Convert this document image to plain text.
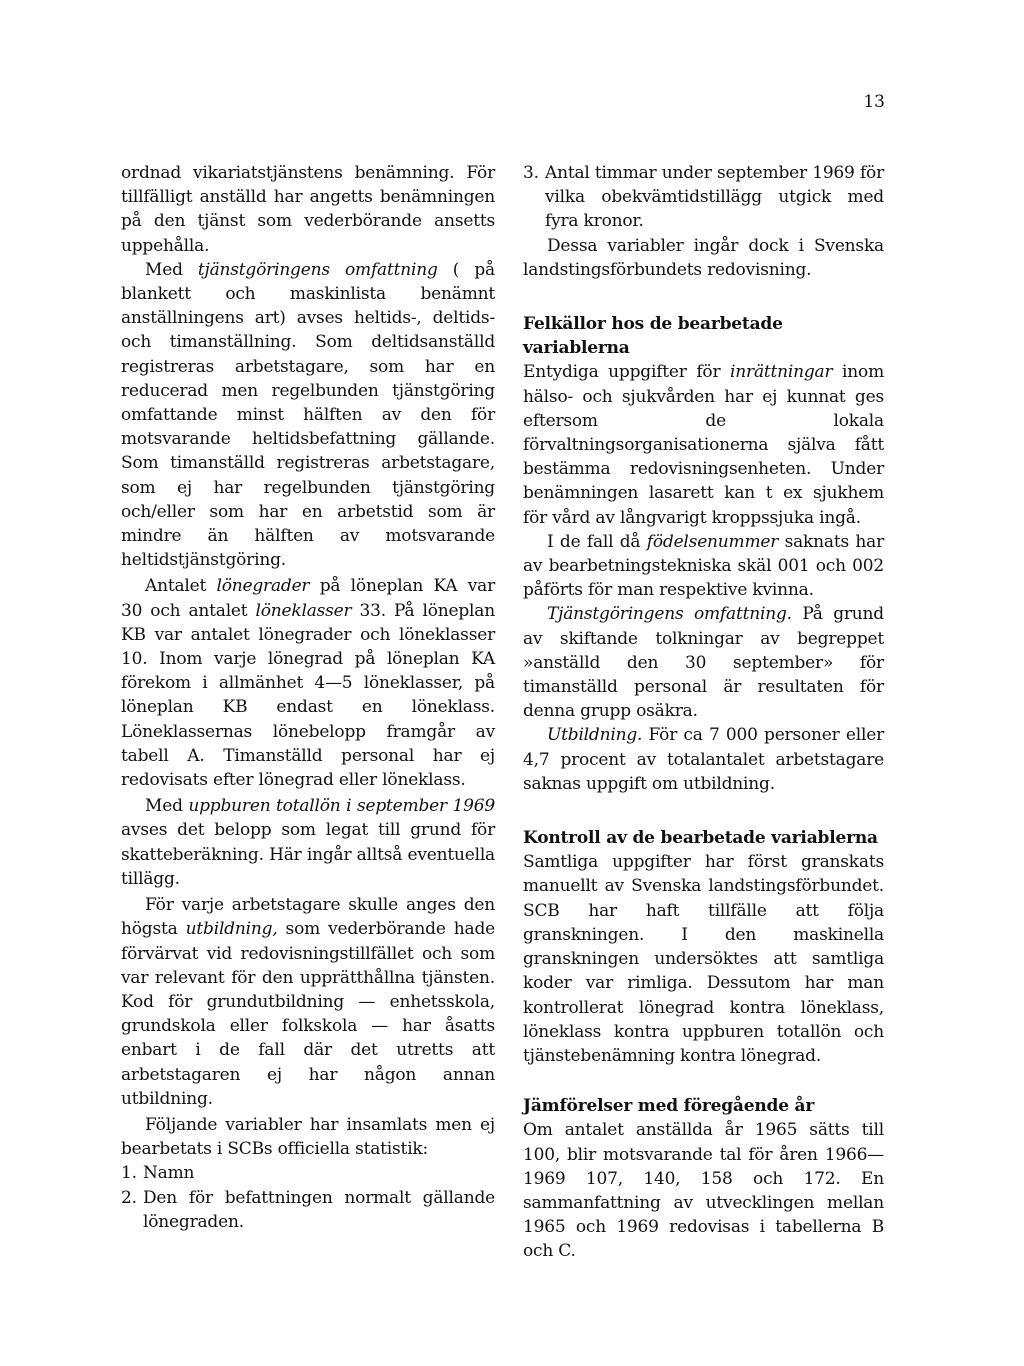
13

ordnad vikariatstjänstens benämning. För tillfälligt anställd har angetts benämningen på den tjänst som vederbörande ansetts uppehålla.

Med tjänstgöringens omfattning ( på blankett och maskinlista benämnt anställningens art) avses heltids-, deltids- och timanställning. Som deltidsanställd registreras arbetstagare, som har en reducerad men regelbunden tjänstgöring omfattande minst hälften av den för motsvarande heltidsbefattning gällande. Som timanställd registreras arbetstagare, som ej har regelbunden tjänstgöring och/eller som har en arbetstid som är mindre än hälften av motsvarande heltidstjänstgöring.

Antalet lönegrader på löneplan KA var 30 och antalet löneklasser 33. På löneplan KB var antalet lönegrader och löneklasser 10. Inom varje lönegrad på löneplan KA förekom i allmänhet 4—5 löneklasser, på löneplan KB endast en löneklass. Löneklassernas lönebelopp framgår av tabell A. Timanställd personal har ej redovisats efter lönegrad eller löneklass.

Med uppburen totallön i september 1969 avses det belopp som legat till grund för skatteberäkning. Här ingår alltså eventuella tillägg.

För varje arbetstagare skulle anges den högsta utbildning, som vederbörande hade förvärvat vid redovisningstillfället och som var relevant för den upprätthållna tjänsten. Kod för grundutbildning — enhetsskola, grundskola eller folkskola — har åsatts enbart i de fall där det utretts att arbetstagaren ej har någon annan utbildning.

Följande variabler har insamlats men ej bearbetats i SCBs officiella statistik:

1. Namn
2. Den för befattningen normalt gällande lönegraden.
3. Antal timmar under september 1969 för vilka obekvämtidstillägg utgick med fyra kronor.

Dessa variabler ingår dock i Svenska landstingsförbundets redovisning.

Felkällor hos de bearbetade variablerna

Entydiga uppgifter för inrättningar inom hälso- och sjukvården har ej kunnat ges eftersom de lokala förvaltningsorganisationerna själva fått bestämma redovisningsenheten. Under benämningen lasarett kan t ex sjukhem för vård av långvarigt kroppssjuka ingå.

I de fall då födelsenummer saknats har av bearbetningstekniska skäl 001 och 002 påförts för man respektive kvinna.

Tjänstgöringens omfattning. På grund av skiftande tolkningar av begreppet »anställd den 30 september» för timanställd personal är resultaten för denna grupp osäkra.

Utbildning. För ca 7 000 personer eller 4,7 procent av totalantalet arbetstagare saknas uppgift om utbildning.

Kontroll av de bearbetade variablerna

Samtliga uppgifter har först granskats manuellt av Svenska landstingsförbundet. SCB har haft tillfälle att följa granskningen. I den maskinella granskningen undersöktes att samtliga koder var rimliga. Dessutom har man kontrollerat lönegrad kontra löneklass, löneklass kontra uppburen totallön och tjänstebenämning kontra lönegrad.

Jämförelser med föregående år

Om antalet anställda år 1965 sätts till 100, blir motsvarande tal för åren 1966—1969 107, 140, 158 och 172. En sammanfattning av utvecklingen mellan 1965 och 1969 redovisas i tabellerna B och C.
